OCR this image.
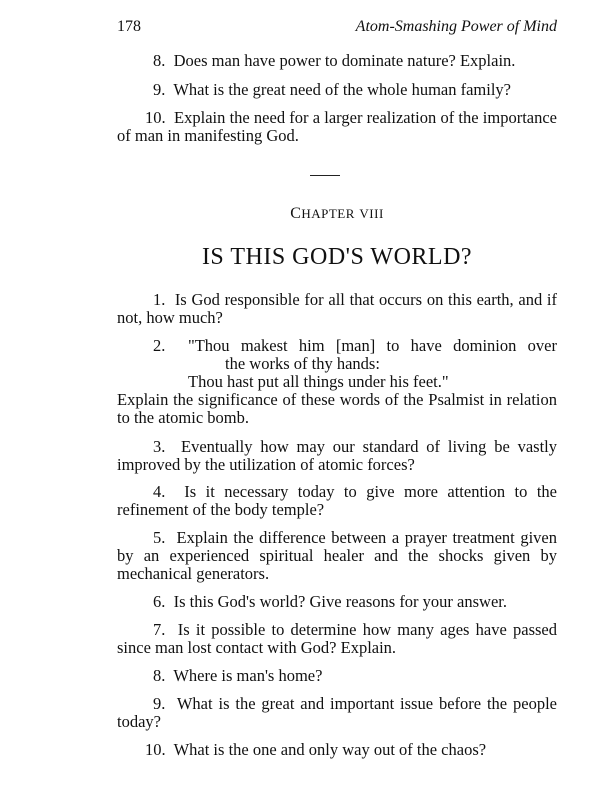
178	Atom-Smashing Power of Mind

8. Does man have power to dominate nature? Explain.

9. What is the great need of the whole human family?

10. Explain the need for a larger realization of the importance of man in manifesting God.

CHAPTER VIII
IS THIS GOD'S WORLD?

1. Is God responsible for all that occurs on this earth, and if not, how much?

2. "Thou makest him [man] to have dominion over
the works of thy hands:
Thou hast put all things under his feet."

Explain the significance of these words of the Psalmist in relation to the atomic bomb.

3. Eventually how may our standard of living be vastly improved by the utilization of atomic forces?

4. Is it necessary today to give more attention to the refinement of the body temple?

5. Explain the difference between a prayer treatment given by an experienced spiritual healer and the shocks given by mechanical generators.

6. Is this God's world? Give reasons for your answer.

7. Is it possible to determine how many ages have passed since man lost contact with God? Explain.

8. Where is man's home?

9. What is the great and important issue before the people today?

10. What is the one and only way out of the chaos?
